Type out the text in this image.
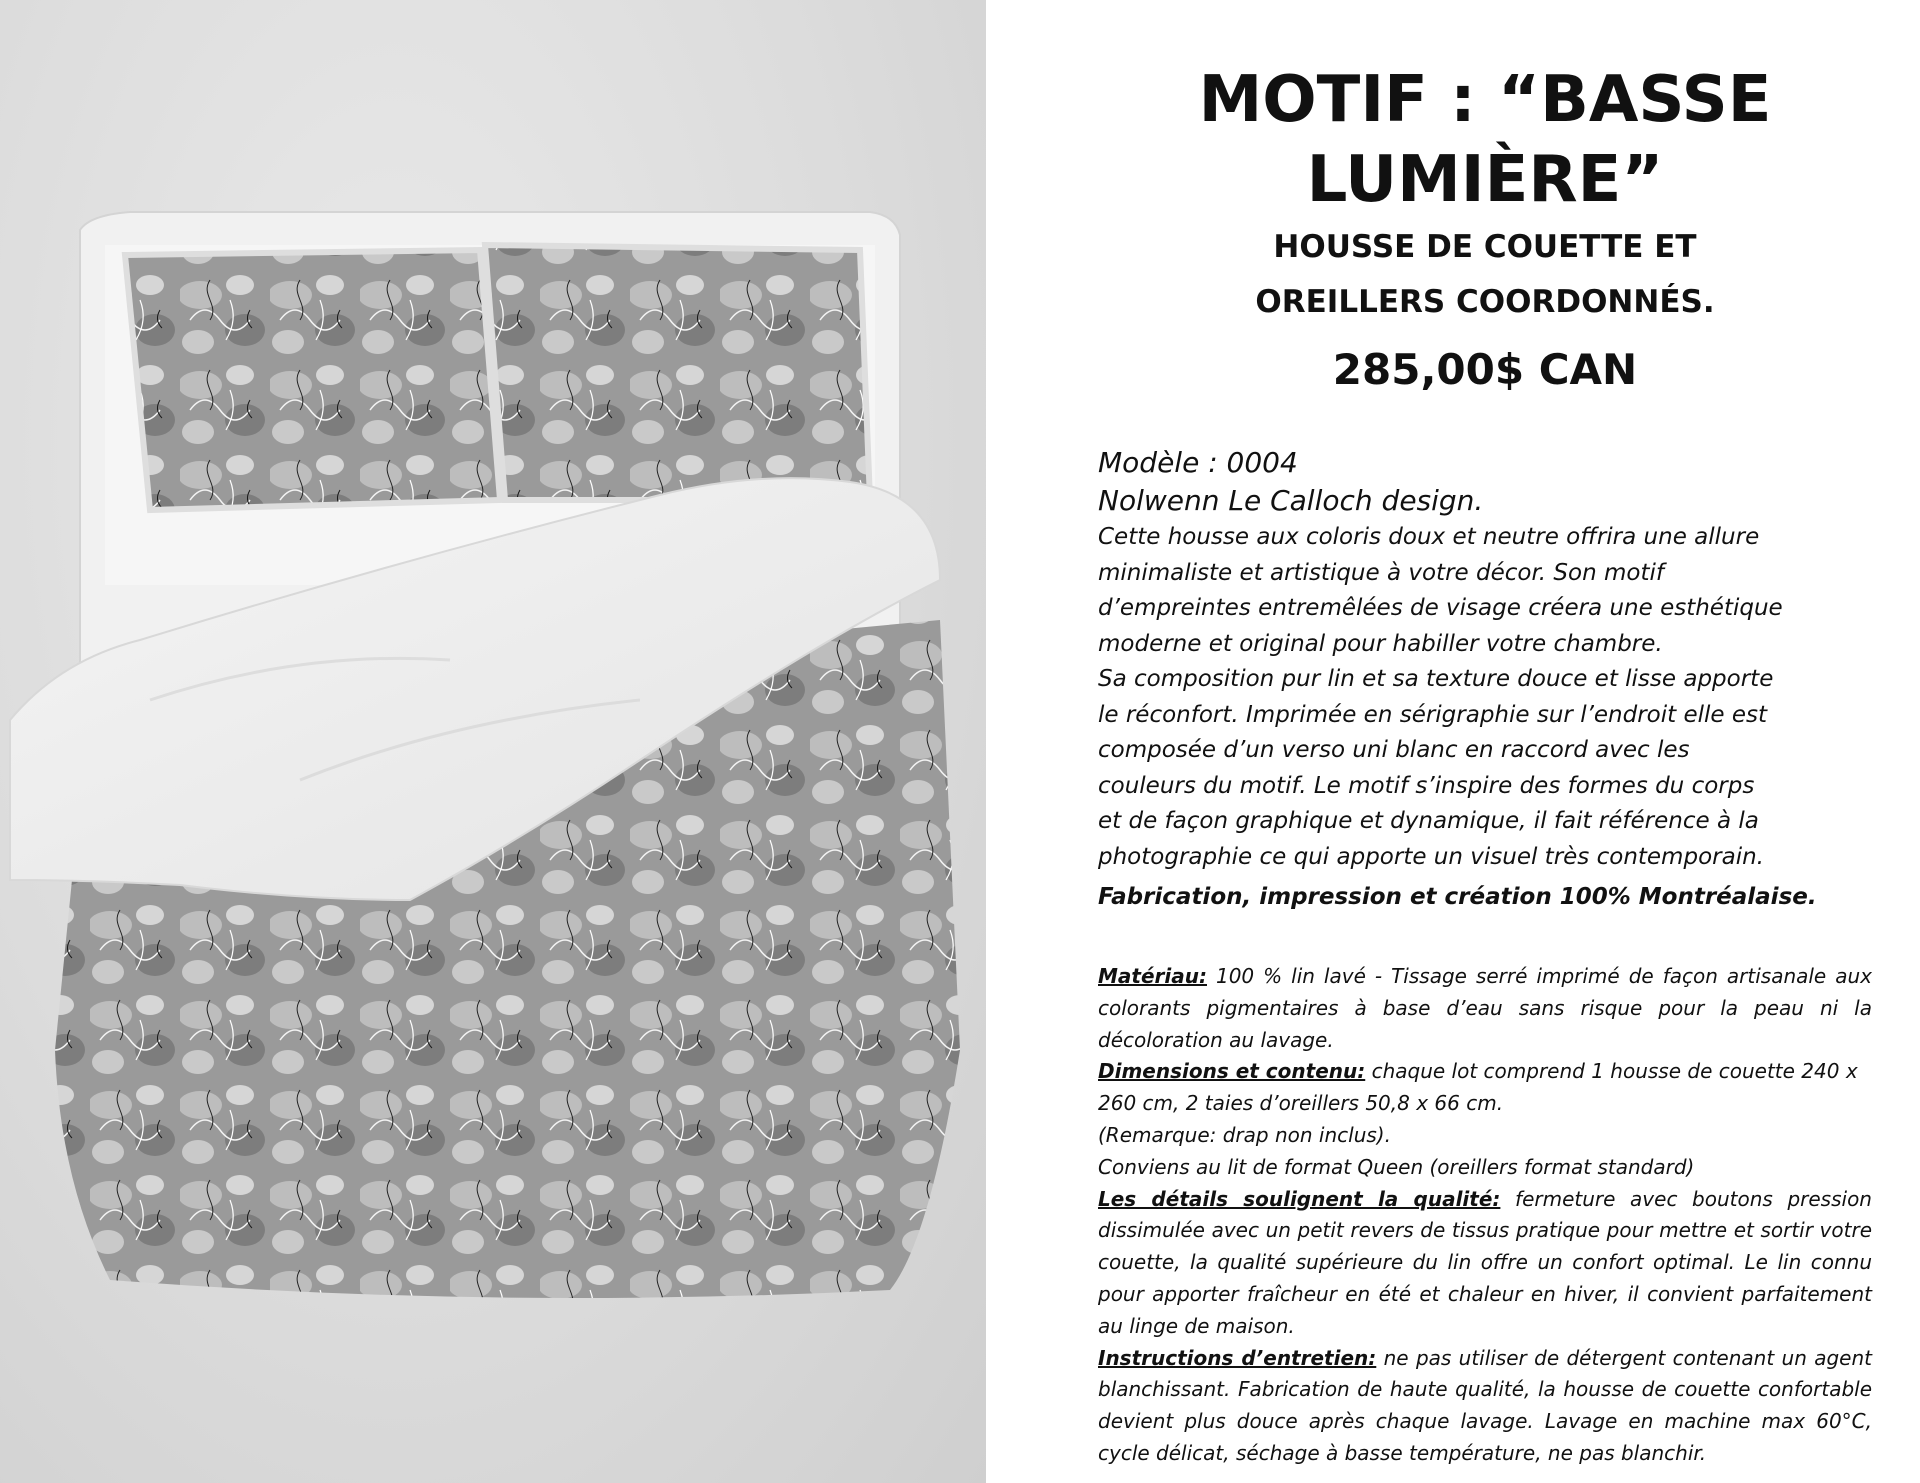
MOTIF : “BASSE LUMIÈRE”

HOUSSE DE COUETTE ET

OREILLERS COORDONNÉS.

285,00$ CAN

Modèle : 0004

Nolwenn Le Calloch design.

Cette housse aux coloris doux et neutre offrira une allure

minimaliste et artistique à votre décor. Son motif

d’empreintes entremêlées de visage créera une esthétique

moderne et original pour habiller votre chambre.

Sa composition pur lin et sa texture douce et lisse apporte

le réconfort. Imprimée en sérigraphie sur l’endroit elle est

composée d’un verso uni blanc en raccord avec les

couleurs du motif. Le motif s’inspire des formes du corps

et de façon graphique et dynamique, il fait référence à la

photographie ce qui apporte un visuel très contemporain.

Fabrication, impression et création 100% Montréalaise.

Matériau: 100 % lin lavé - Tissage serré imprimé de façon artisanale aux colorants pigmentaires à base d’eau sans risque pour la peau ni la décoloration au lavage.

Dimensions et contenu: chaque lot comprend 1 housse de couette 240 x 260 cm, 2 taies d’oreillers 50,8 x 66 cm.

(Remarque: drap non inclus).

Conviens au lit de format Queen (oreillers format standard)

Les détails soulignent la qualité: fermeture avec boutons pression dissimulée avec un petit revers de tissus pratique pour mettre et sortir votre couette, la qualité supérieure du lin offre un confort optimal. Le lin connu pour apporter fraîcheur en été et chaleur en hiver, il convient parfaitement au linge de maison.

Instructions d’entretien: ne pas utiliser de détergent contenant un agent blanchissant. Fabrication de haute qualité, la housse de couette confortable devient plus douce après chaque lavage. Lavage en machine max 60°C, cycle délicat, séchage à basse température, ne pas blanchir.
